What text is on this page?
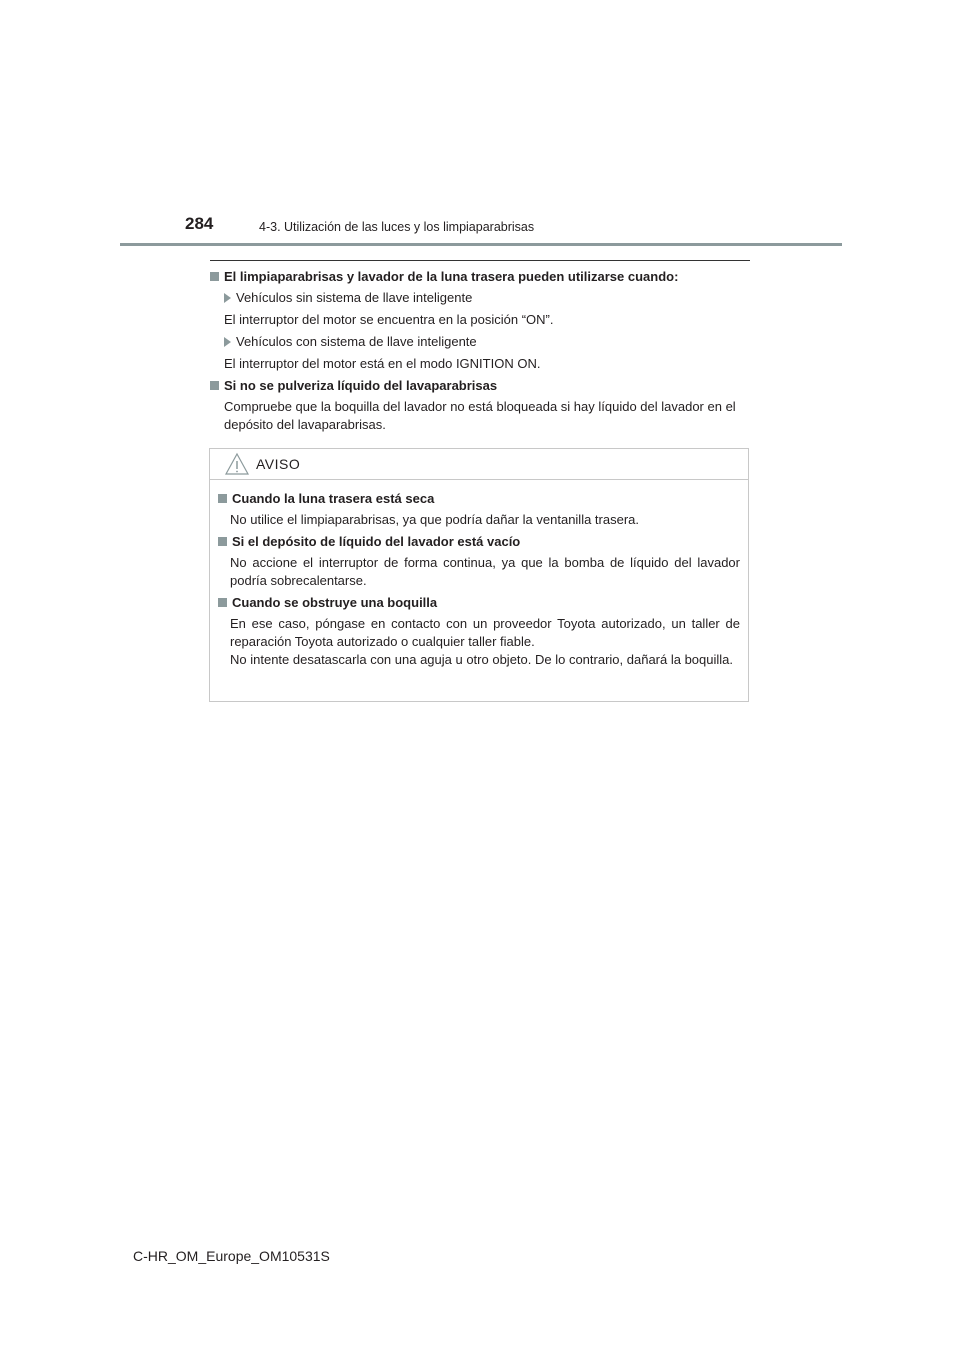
284	4-3. Utilización de las luces y los limpiaparabrisas
El limpiaparabrisas y lavador de la luna trasera pueden utilizarse cuando:
Vehículos sin sistema de llave inteligente
El interruptor del motor se encuentra en la posición “ON”.
Vehículos con sistema de llave inteligente
El interruptor del motor está en el modo IGNITION ON.
Si no se pulveriza líquido del lavaparabrisas
Compruebe que la boquilla del lavador no está bloqueada si hay líquido del lavador en el depósito del lavaparabrisas.
AVISO
Cuando la luna trasera está seca
No utilice el limpiaparabrisas, ya que podría dañar la ventanilla trasera.
Si el depósito de líquido del lavador está vacío
No accione el interruptor de forma continua, ya que la bomba de líquido del lavador podría sobrecalentarse.
Cuando se obstruye una boquilla
En ese caso, póngase en contacto con un proveedor Toyota autorizado, un taller de reparación Toyota autorizado o cualquier taller fiable.
No intente desatascarla con una aguja u otro objeto. De lo contrario, dañará la boquilla.
C-HR_OM_Europe_OM10531S
